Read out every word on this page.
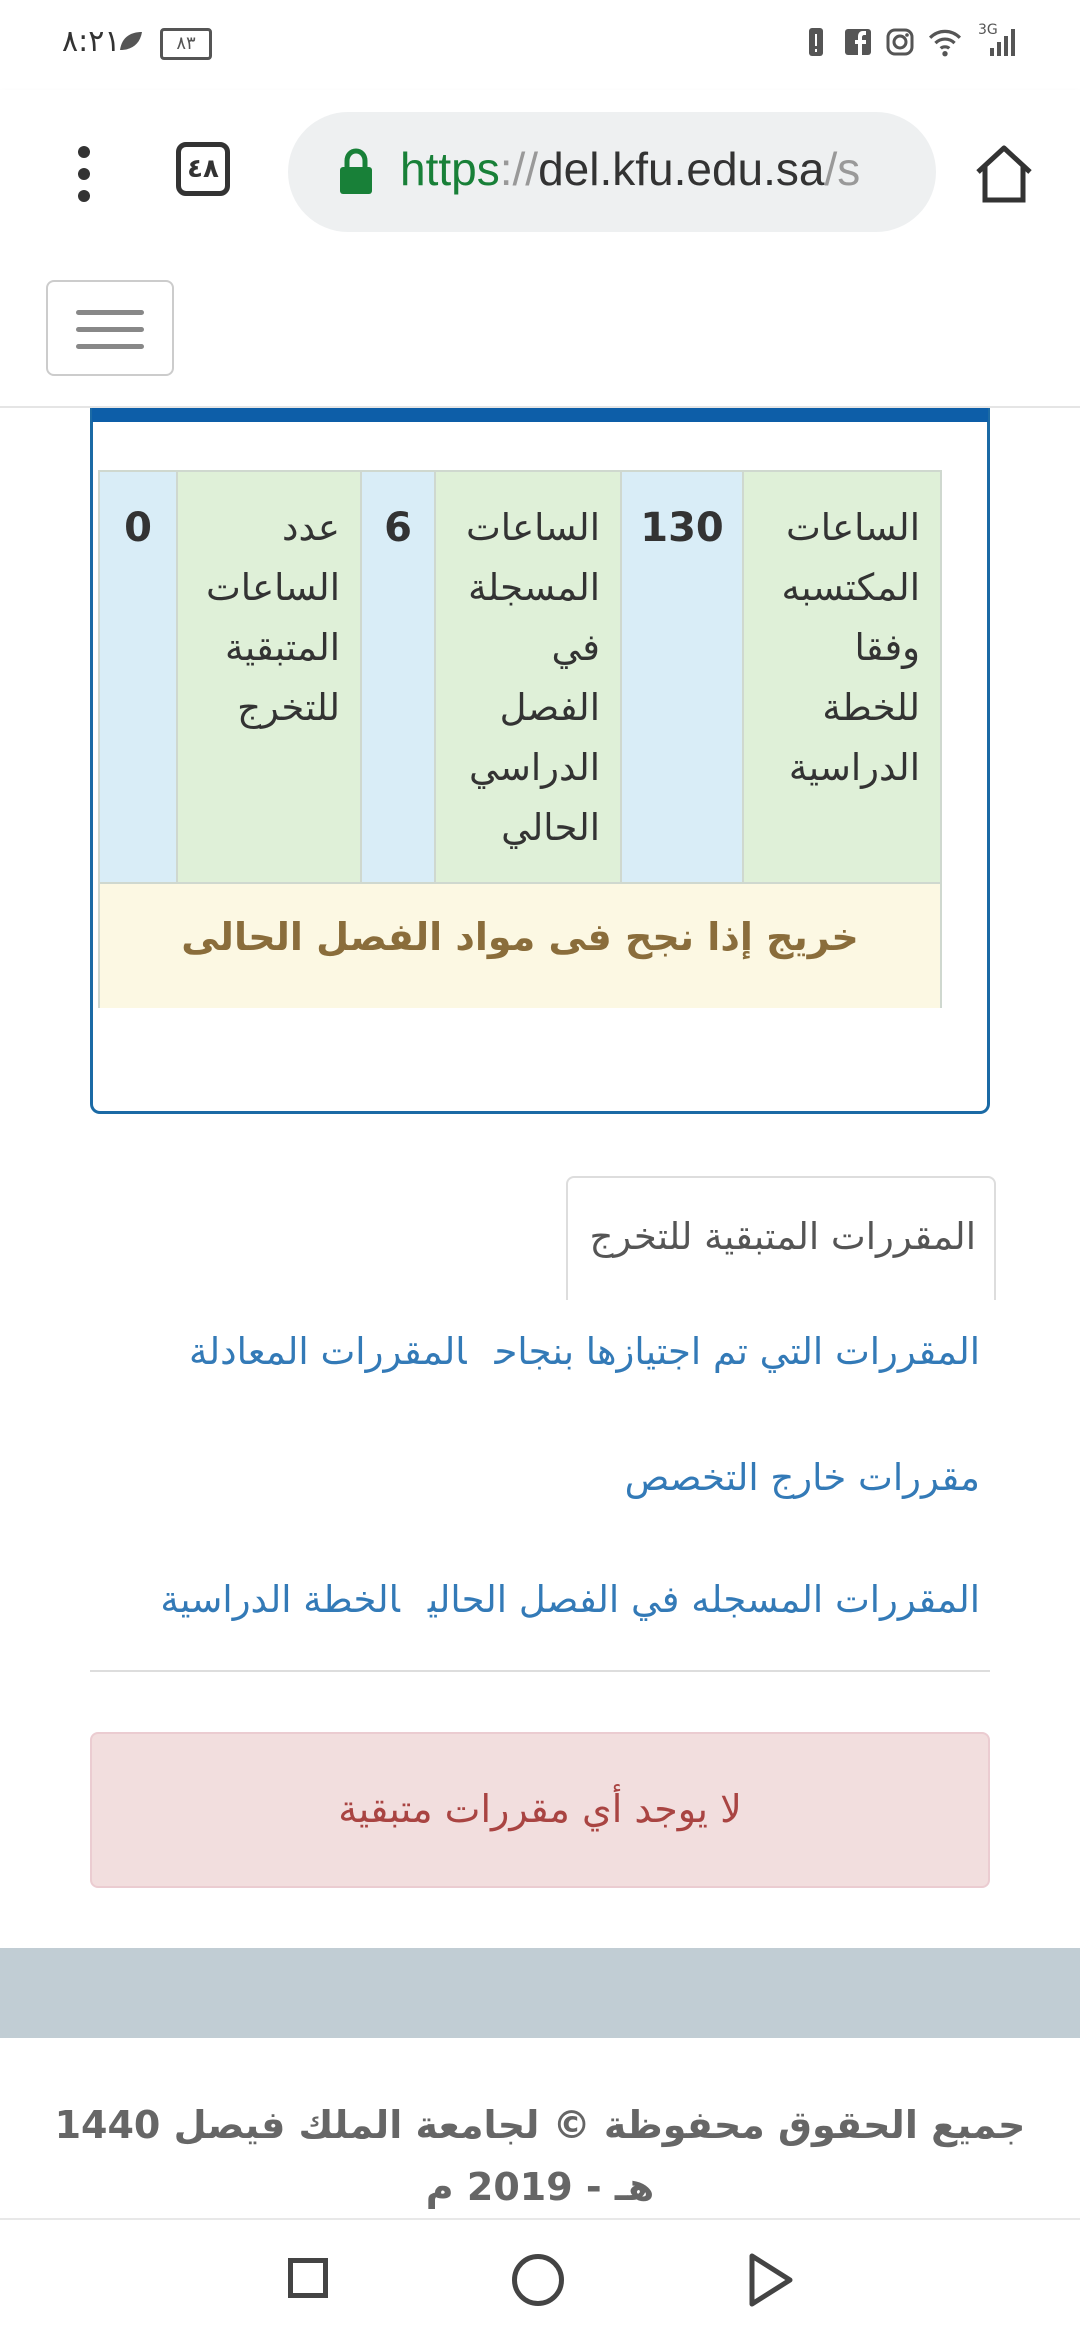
٨:٢١	٨٣
3G
٤٨	https://del.kfu.edu.sa/s
الساعات المكتسبه وفقا للخطة الدراسية
130
الساعات المسجلة في الفصل الدراسي الحالي
6
عدد الساعات المتبقية للتخرج
0
خريج إذا نجح فى مواد الفصل الحالى
المقررات المتبقية للتخرج
المقررات التي تم اجتيازها بنجاحالمقررات المعادلة
مقررات خارج التخصص
المقررات المسجله في الفصل الحاليالخطة الدراسية
لا يوجد أي مقررات متبقية
جميع الحقوق محفوظة © لجامعة الملك فيصل 1440 هـ - 2019 م
